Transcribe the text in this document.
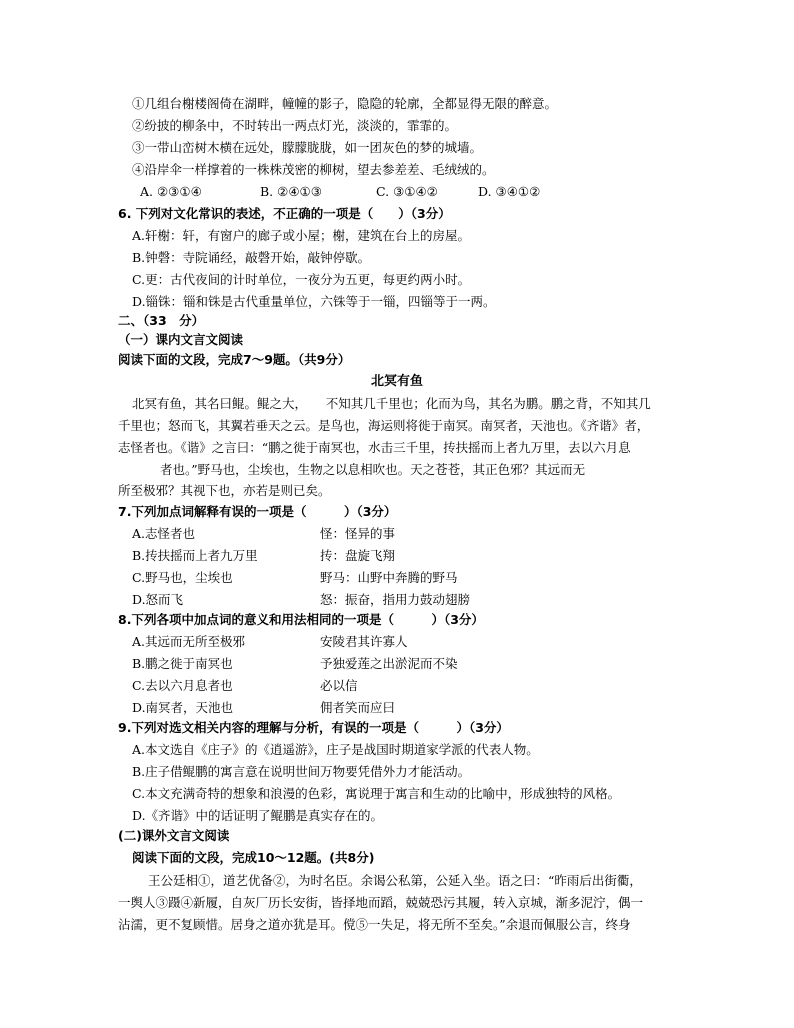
①几组台榭楼阁倚在湖畔，幢幢的影子，隐隐的轮廓，全都显得无限的醉意。
②纷披的柳条中，不时转出一两点灯光，淡淡的，霏霏的。
③一带山峦树木横在远处，朦朦胧胧，如一团灰色的梦的城墙。
④沿岸伞一样撑着的一株株茂密的柳树，望去参差差、毛绒绒的。
A. ②③①④	B. ②④①③	C. ③①④②	D. ③④①②
6. 下列对文化常识的表述，不正确的一项是（　　）（3分）
A.轩榭：轩，有窗户的廊子或小屋；榭，建筑在台上的房屋。
B.钟磬：寺院诵经，敲磬开始，敲钟停歇。
C.更：古代夜间的计时单位，一夜分为五更，每更约两小时。
D.锱铢：锱和铢是古代重量单位，六铢等于一锱，四锱等于一两。
二、（33　分）
（一）课内文言文阅读
阅读下面的文段，完成7～9题。（共9分）
北冥有鱼
北冥有鱼，其名曰鲲。鲲之大，　　不知其几千里也；化而为鸟，其名为鹏。鹏之背，不知其几
千里也；怒而飞，其翼若垂天之云。是鸟也，海运则将徙于南冥。南冥者，天池也。《齐谐》者，
志怪者也。《谐》之言曰：“鹏之徙于南冥也，水击三千里，抟扶摇而上者九万里，去以六月息
者也。”野马也，尘埃也，生物之以息相吹也。天之苍苍，其正色邪？其远而无
所至极邪？其视下也，亦若是则已矣。
7.下列加点词解释有误的一项是（　　　）（3分）
A.志怪者也	怪：怪异的事
B.抟扶摇而上者九万里	抟：盘旋飞翔
C.野马也，尘埃也	野马：山野中奔腾的野马
D.怒而飞	怒：振奋，指用力鼓动翅膀
8.下列各项中加点词的意义和用法相同的一项是（　　　）（3分）
A.其远而无所至极邪	安陵君其许寡人
B.鹏之徙于南冥也	予独爱莲之出淤泥而不染
C.去以六月息者也	必以信
D.南冥者，天池也	佣者笑而应曰
9.下列对选文相关内容的理解与分析，有误的一项是（　　　）（3分）
A.本文选自《庄子》的《逍遥游》，庄子是战国时期道家学派的代表人物。
B.庄子借鲲鹏的寓言意在说明世间万物要凭借外力才能活动。
C.本文充满奇特的想象和浪漫的色彩，寓说理于寓言和生动的比喻中，形成独特的风格。
D.《齐谐》中的话证明了鲲鹏是真实存在的。
(二)课外文言文阅读
阅读下面的文段，完成10～12题。(共8分)
王公廷相①，道艺优备②，为时名臣。余谒公私第，公延入坐。语之曰：“昨雨后出街衢，
一舆人③蹑④新履，自灰厂历长安街，皆择地而蹈，兢兢恐污其履，转入京城，渐多泥泞，偶一
沾濡，更不复顾惜。居身之道亦犹是耳。傥⑤一失足，将无所不至矣。”余退而佩服公言，终身
